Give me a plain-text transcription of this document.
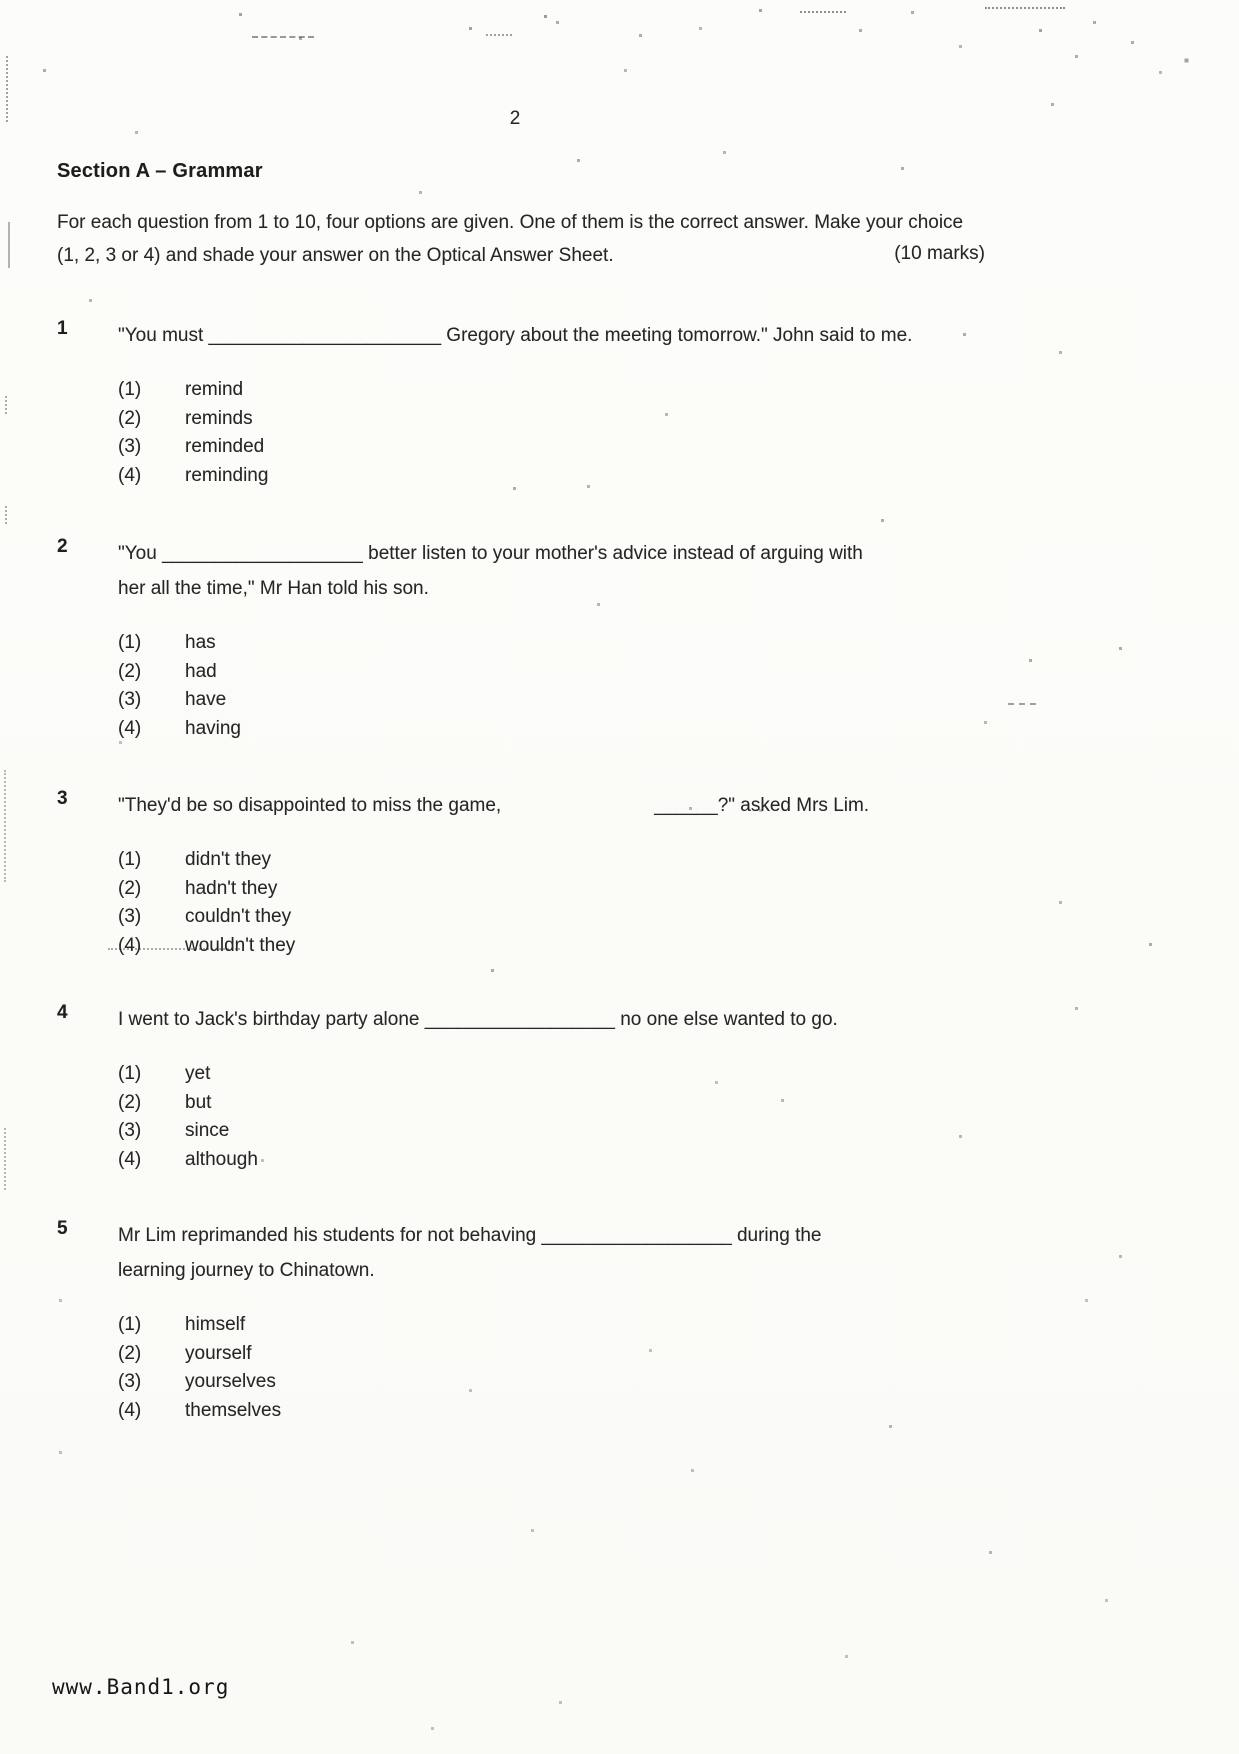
2
Section A – Grammar
For each question from 1 to 10, four options are given. One of them is the correct answer. Make your choice (1, 2, 3 or 4) and shade your answer on the Optical Answer Sheet.	(10 marks)
1	"You must ______________________ Gregory about the meeting tomorrow." John said to me.
(1)	remind
(2)	reminds
(3)	reminded
(4)	reminding
2	"You ___________________ better listen to your mother's advice instead of arguing with
her all the time," Mr Han told his son.
(1)	has
(2)	had
(3)	have
(4)	having
3	"They'd be so disappointed to miss the game,                             ______?" asked Mrs Lim.
(1)	didn't they
(2)	hadn't they
(3)	couldn't they
(4)	wouldn't they
4	I went to Jack's birthday party alone __________________ no one else wanted to go.
(1)	yet
(2)	but
(3)	since
(4)	although
5	Mr Lim reprimanded his students for not behaving __________________ during the
learning journey to Chinatown.
(1)	himself
(2)	yourself
(3)	yourselves
(4)	themselves
www.Band1.org
